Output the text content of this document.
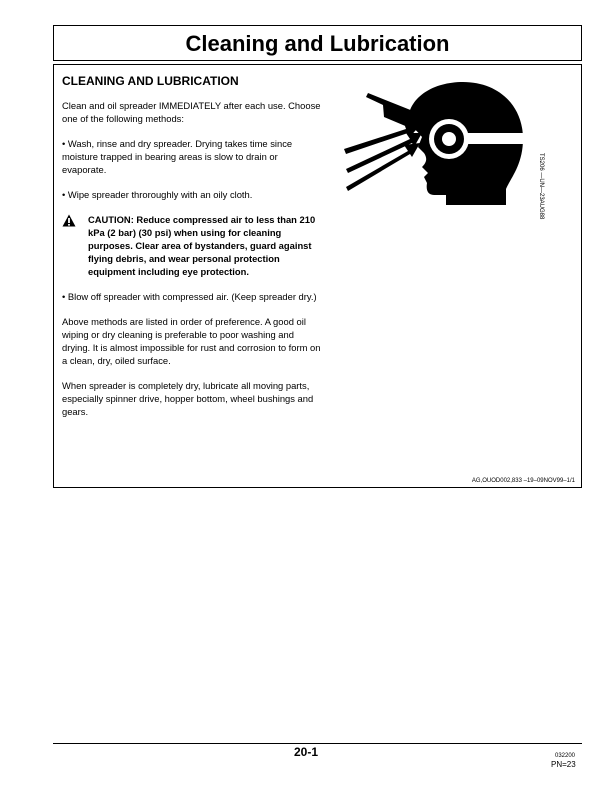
Cleaning and Lubrication
CLEANING AND LUBRICATION

Clean and oil spreader IMMEDIATELY after each use. Choose one of the following methods:

• Wash, rinse and dry spreader. Drying takes time since moisture trapped in bearing areas is slow to drain or evaporate.

• Wipe spreader throroughly with an oily cloth.

CAUTION: Reduce compressed air to less than 210 kPa (2 bar) (30 psi) when using for cleaning purposes. Clear area of bystanders, guard against flying debris, and wear personal protection equipment including eye protection.

• Blow off spreader with compressed air. (Keep spreader dry.)

Above methods are listed in order of preference. A good oil wiping or dry cleaning is preferable to poor washing and drying. It is almost impossible for rust and corrosion to form on a clean, dry, oiled surface.

When spreader is completely dry, lubricate all moving parts, especially spinner drive, hopper bottom, wheel bushings and gears.

TS206 —UN—23AUG88
AG,OUOD002,833 –19–09NOV99–1/1
20-1	032200
PN=23
